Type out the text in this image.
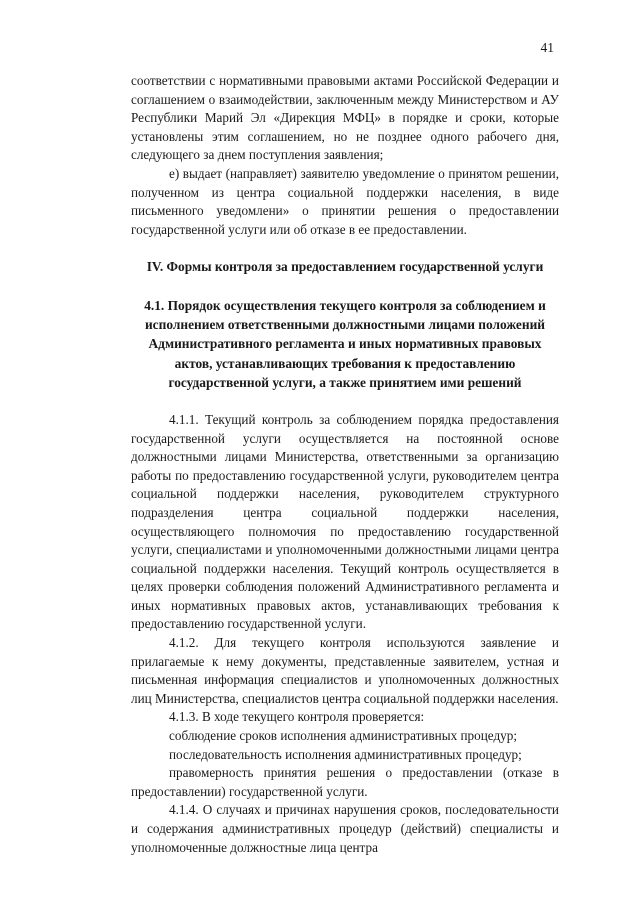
41

соответствии с нормативными правовыми актами Российской Федерации и соглашением о взаимодействии, заключенным между Министерством и АУ Республики Марий Эл «Дирекция МФЦ» в порядке и сроки, которые установлены этим соглашением, но не позднее одного рабочего дня, следующего за днем поступления заявления;

е) выдает (направляет) заявителю уведомление о принятом решении, полученном из центра социальной поддержки населения, в виде письменного уведомлени» о принятии решения о предоставлении государственной услуги или об отказе в ее предоставлении.

IV. Формы контроля за предоставлением государственной услуги

4.1. Порядок осуществления текущего контроля за соблюдением и исполнением ответственными должностными лицами положений Административного регламента и иных нормативных правовых актов, устанавливающих требования к предоставлению государственной услуги, а также принятием ими решений

4.1.1. Текущий контроль за соблюдением порядка предоставления государственной услуги осуществляется на постоянной основе должностными лицами Министерства, ответственными за организацию работы по предоставлению государственной услуги, руководителем центра социальной поддержки населения, руководителем структурного подразделения центра социальной поддержки населения, осуществляющего полномочия по предоставлению государственной услуги, специалистами и уполномоченными должностными лицами центра социальной поддержки населения. Текущий контроль осуществляется в целях проверки соблюдения положений Административного регламента и иных нормативных правовых актов, устанавливающих требования к предоставлению государственной услуги.

4.1.2. Для текущего контроля используются заявление и прилагаемые к нему документы, представленные заявителем, устная и письменная информация специалистов и уполномоченных должностных лиц Министерства, специалистов центра социальной поддержки населения.

4.1.3. В ходе текущего контроля проверяется:

соблюдение сроков исполнения административных процедур;

последовательность исполнения административных процедур;

правомерность принятия решения о предоставлении (отказе в предоставлении) государственной услуги.

4.1.4. О случаях и причинах нарушения сроков, последовательности и содержания административных процедур (действий) специалисты и уполномоченные должностные лица центра
